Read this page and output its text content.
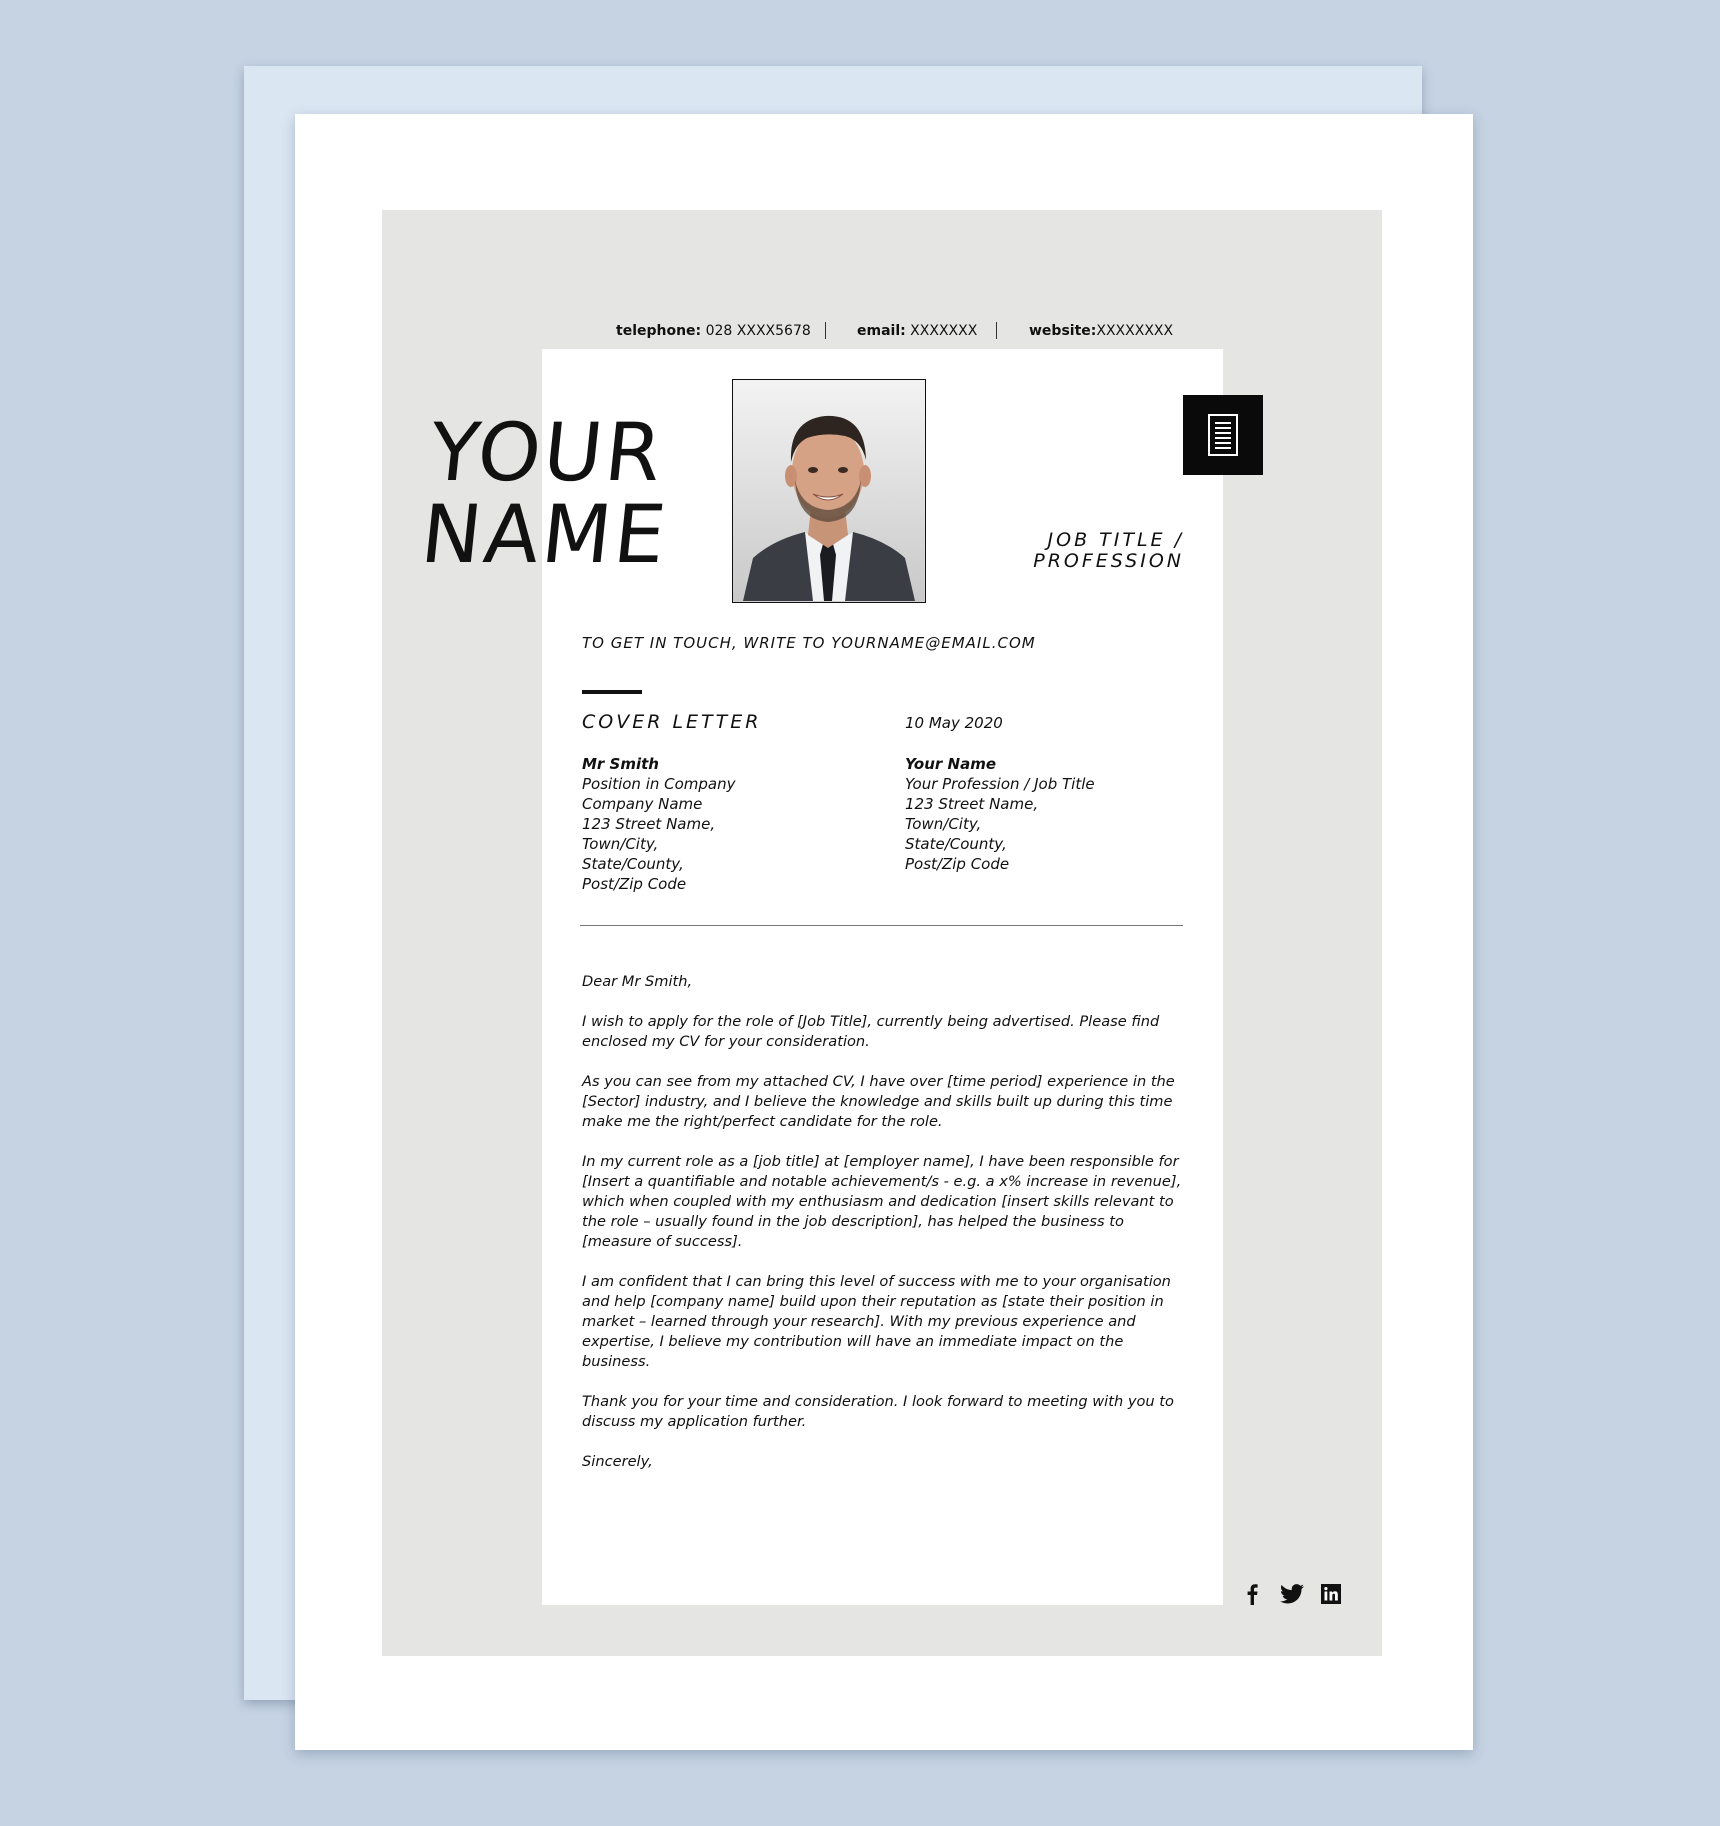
telephone: 028 XXXX5678	email: XXXXXXX	website:XXXXXXXX
YOUR
NAME	JOB TITLE /
PROFESSION
TO GET IN TOUCH, WRITE TO YOURNAME@EMAIL.COM
COVER LETTER	10 May 2020
Mr Smith
Position in Company
Company Name
123 Street Name,
Town/City,
State/County,
Post/Zip Code
Your Name
Your Profession / Job Title
123 Street Name,
Town/City,
State/County,
Post/Zip Code

Dear Mr Smith,

I wish to apply for the role of [Job Title], currently being advertised. Please find enclosed my CV for your consideration.

As you can see from my attached CV, I have over [time period] experience in the [Sector] industry, and I believe the knowledge and skills built up during this time make me the right/perfect candidate for the role.

In my current role as a [job title] at [employer name], I have been responsible for [Insert a quantifiable and notable achievement/s - e.g. a x% increase in revenue], which when coupled with my enthusiasm and dedication [insert skills relevant to the role – usually found in the job description], has helped the business to [measure of success].

I am confident that I can bring this level of success with me to your organisation and help [company name] build upon their reputation as [state their position in market – learned through your research]. With my previous experience and expertise, I believe my contribution will have an immediate impact on the business.

Thank you for your time and consideration. I look forward to meeting with you to discuss my application further.

Sincerely,
